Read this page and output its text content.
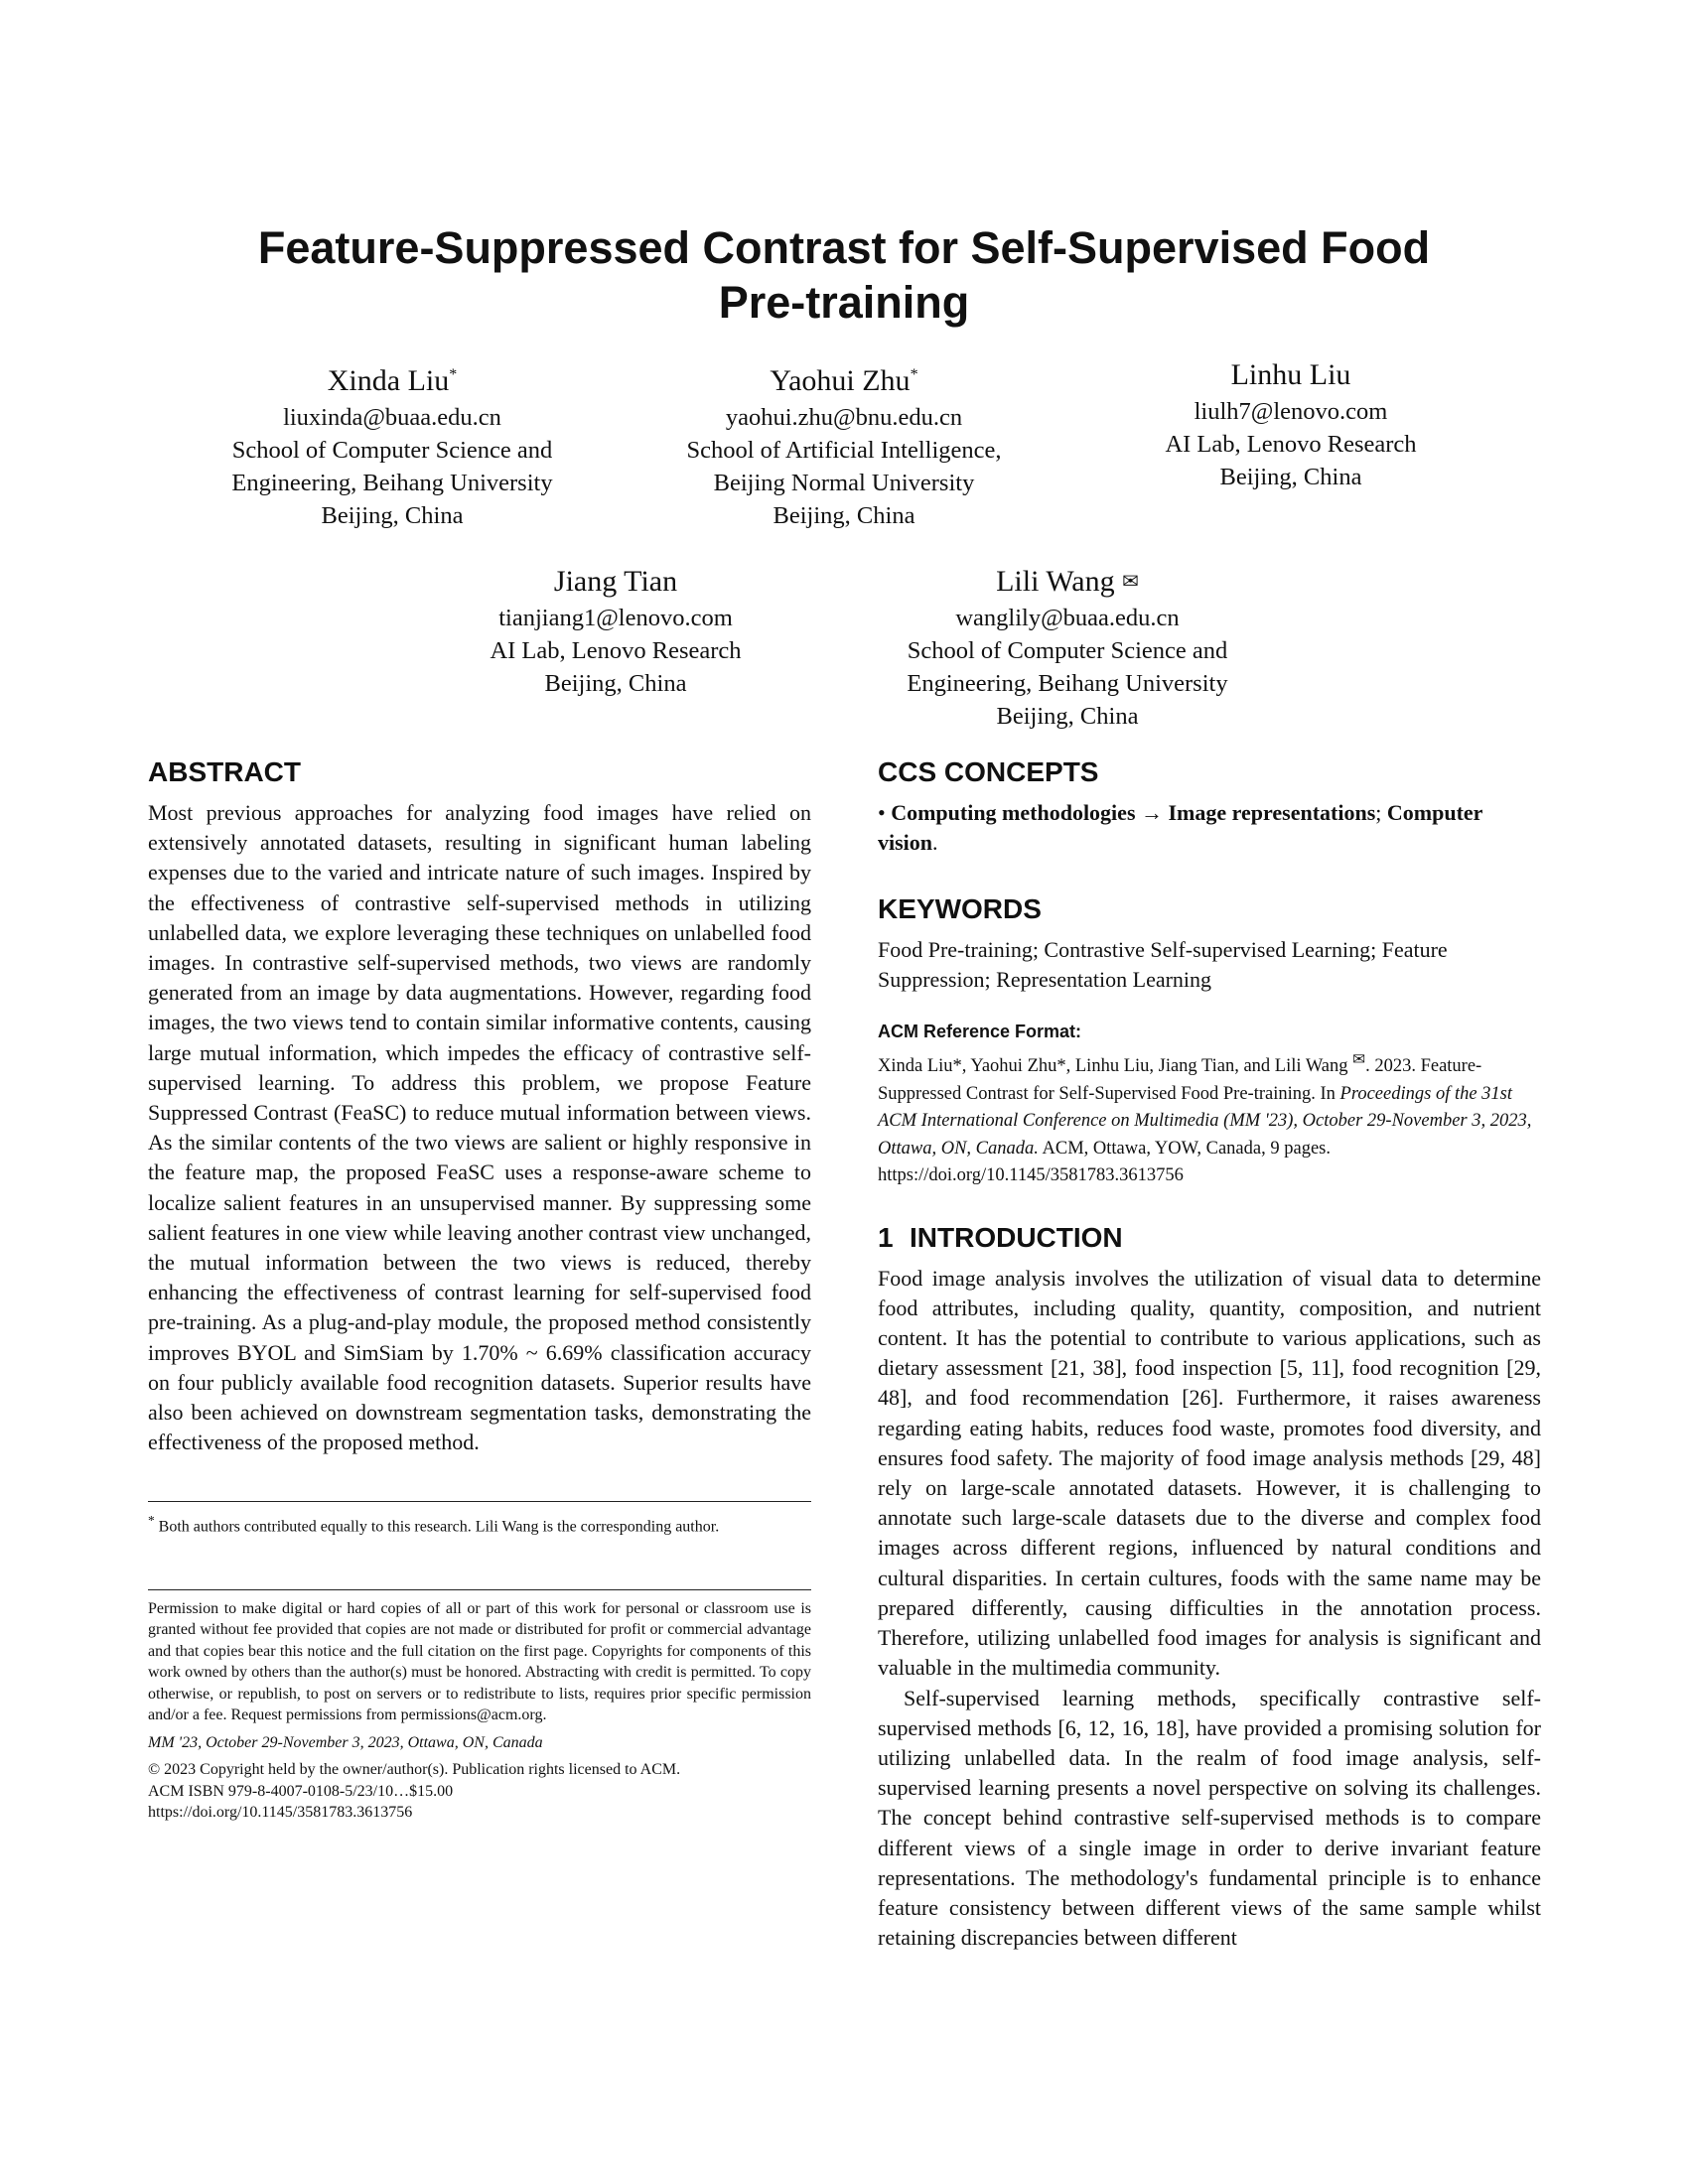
Feature-Suppressed Contrast for Self-Supervised Food
Pre-training
Xinda Liu*
liuxinda@buaa.edu.cn
School of Computer Science and
Engineering, Beihang University
Beijing, China
Yaohui Zhu*
yaohui.zhu@bnu.edu.cn
School of Artificial Intelligence,
Beijing Normal University
Beijing, China
Linhu Liu
liulh7@lenovo.com
AI Lab, Lenovo Research
Beijing, China
Jiang Tian
tianjiang1@lenovo.com
AI Lab, Lenovo Research
Beijing, China
Lili Wang ✉
wanglily@buaa.edu.cn
School of Computer Science and
Engineering, Beihang University
Beijing, China
ABSTRACT

Most previous approaches for analyzing food images have relied on extensively annotated datasets, resulting in significant human labeling expenses due to the varied and intricate nature of such images. Inspired by the effectiveness of contrastive self-supervised methods in utilizing unlabelled data, we explore leveraging these techniques on unlabelled food images. In contrastive self-supervised methods, two views are randomly generated from an image by data augmentations. However, regarding food images, the two views tend to contain similar informative contents, causing large mutual information, which impedes the efficacy of contrastive self-supervised learning. To address this problem, we propose Feature Suppressed Contrast (FeaSC) to reduce mutual information between views. As the similar contents of the two views are salient or highly responsive in the feature map, the proposed FeaSC uses a response-aware scheme to localize salient features in an unsupervised manner. By suppressing some salient features in one view while leaving another contrast view unchanged, the mutual information between the two views is reduced, thereby enhancing the effectiveness of contrast learning for self-supervised food pre-training. As a plug-and-play module, the proposed method consistently improves BYOL and SimSiam by 1.70% ~ 6.69% classification accuracy on four publicly available food recognition datasets. Superior results have also been achieved on downstream segmentation tasks, demonstrating the effectiveness of the proposed method.

* Both authors contributed equally to this research. Lili Wang is the corresponding author.

Permission to make digital or hard copies of all or part of this work for personal or classroom use is granted without fee provided that copies are not made or distributed for profit or commercial advantage and that copies bear this notice and the full citation on the first page. Copyrights for components of this work owned by others than the author(s) must be honored. Abstracting with credit is permitted. To copy otherwise, or republish, to post on servers or to redistribute to lists, requires prior specific permission and/or a fee. Request permissions from permissions@acm.org.

MM '23, October 29-November 3, 2023, Ottawa, ON, Canada

© 2023 Copyright held by the owner/author(s). Publication rights licensed to ACM.

ACM ISBN 979-8-4007-0108-5/23/10…$15.00

https://doi.org/10.1145/3581783.3613756

CCS CONCEPTS

• Computing methodologies → Image representations; Computer vision.

KEYWORDS

Food Pre-training; Contrastive Self-supervised Learning; Feature Suppression; Representation Learning

ACM Reference Format:

Xinda Liu*, Yaohui Zhu*, Linhu Liu, Jiang Tian, and Lili Wang ✉. 2023. Feature-Suppressed Contrast for Self-Supervised Food Pre-training. In Proceedings of the 31st ACM International Conference on Multimedia (MM '23), October 29-November 3, 2023, Ottawa, ON, Canada. ACM, Ottawa, YOW, Canada, 9 pages. https://doi.org/10.1145/3581783.3613756

1 INTRODUCTION

Food image analysis involves the utilization of visual data to determine food attributes, including quality, quantity, composition, and nutrient content. It has the potential to contribute to various applications, such as dietary assessment [21, 38], food inspection [5, 11], food recognition [29, 48], and food recommendation [26]. Furthermore, it raises awareness regarding eating habits, reduces food waste, promotes food diversity, and ensures food safety. The majority of food image analysis methods [29, 48] rely on large-scale annotated datasets. However, it is challenging to annotate such large-scale datasets due to the diverse and complex food images across different regions, influenced by natural conditions and cultural disparities. In certain cultures, foods with the same name may be prepared differently, causing difficulties in the annotation process. Therefore, utilizing unlabelled food images for analysis is significant and valuable in the multimedia community.

Self-supervised learning methods, specifically contrastive self-supervised methods [6, 12, 16, 18], have provided a promising solution for utilizing unlabelled data. In the realm of food image analysis, self-supervised learning presents a novel perspective on solving its challenges. The concept behind contrastive self-supervised methods is to compare different views of a single image in order to derive invariant feature representations. The methodology's fundamental principle is to enhance feature consistency between different views of the same sample whilst retaining discrepancies between different
